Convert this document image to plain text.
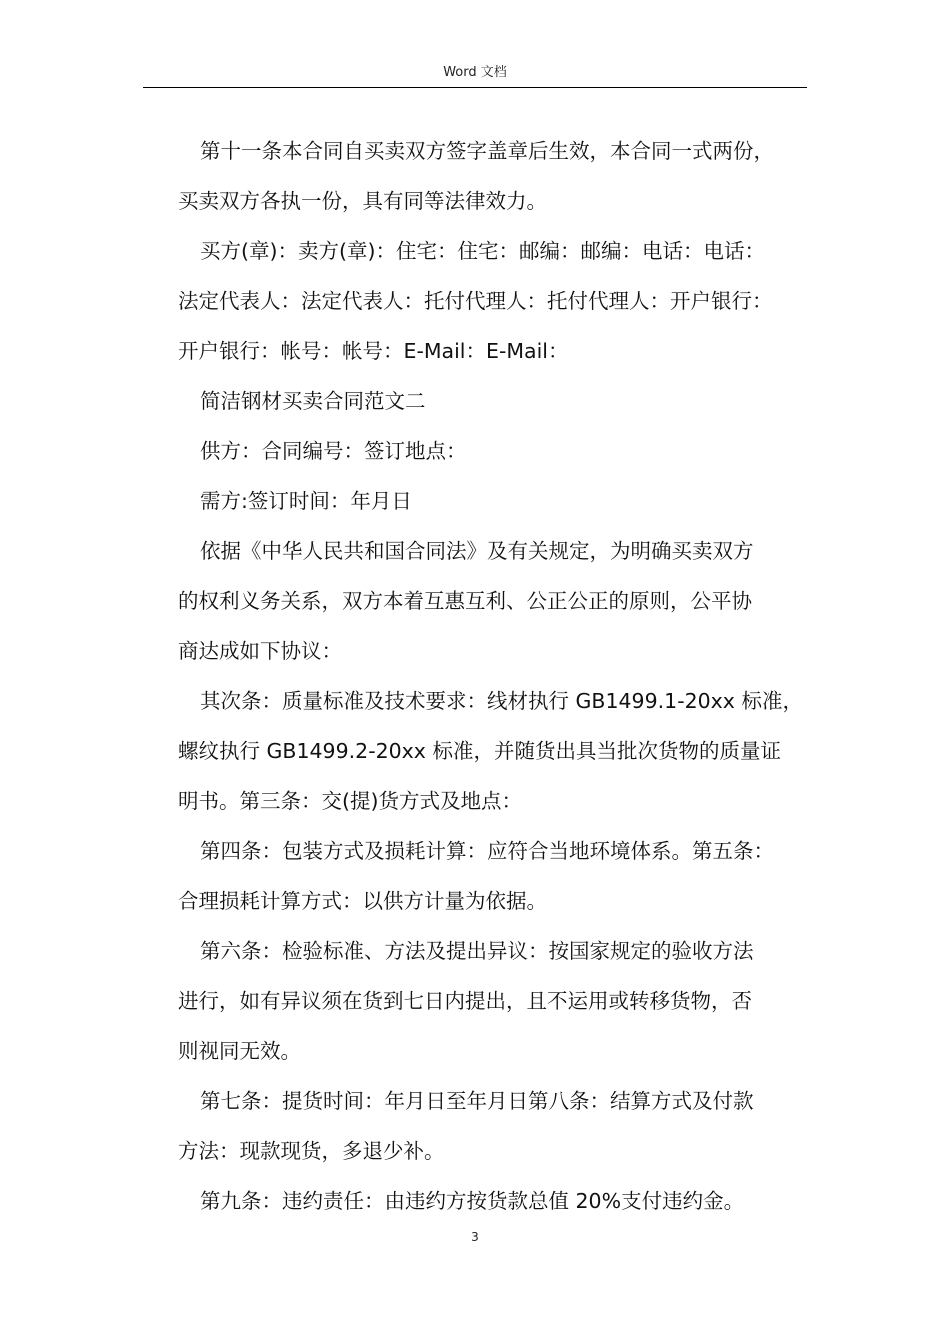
Word 文档
第十一条本合同自买卖双方签字盖章后生效，本合同一式两份，
买卖双方各执一份，具有同等法律效力。
买方(章)：卖方(章)：住宅：住宅：邮编：邮编：电话：电话：
法定代表人：法定代表人：托付代理人：托付代理人：开户银行：
开户银行：帐号：帐号：E-Mail：E-Mail：
简洁钢材买卖合同范文二
供方：合同编号：签订地点：
需方:签订时间：年月日
依据《中华人民共和国合同法》及有关规定，为明确买卖双方
的权利义务关系，双方本着互惠互利、公正公正的原则，公平协
商达成如下协议：
其次条：质量标准及技术要求：线材执行 GB1499.1-20xx 标准，
螺纹执行 GB1499.2-20xx 标准，并随货出具当批次货物的质量证
明书。第三条：交(提)货方式及地点：
第四条：包装方式及损耗计算：应符合当地环境体系。第五条：
合理损耗计算方式：以供方计量为依据。
第六条：检验标准、方法及提出异议：按国家规定的验收方法
进行，如有异议须在货到七日内提出，且不运用或转移货物，否
则视同无效。
第七条：提货时间：年月日至年月日第八条：结算方式及付款
方法：现款现货，多退少补。
第九条：违约责任：由违约方按货款总值 20%支付违约金。
3
